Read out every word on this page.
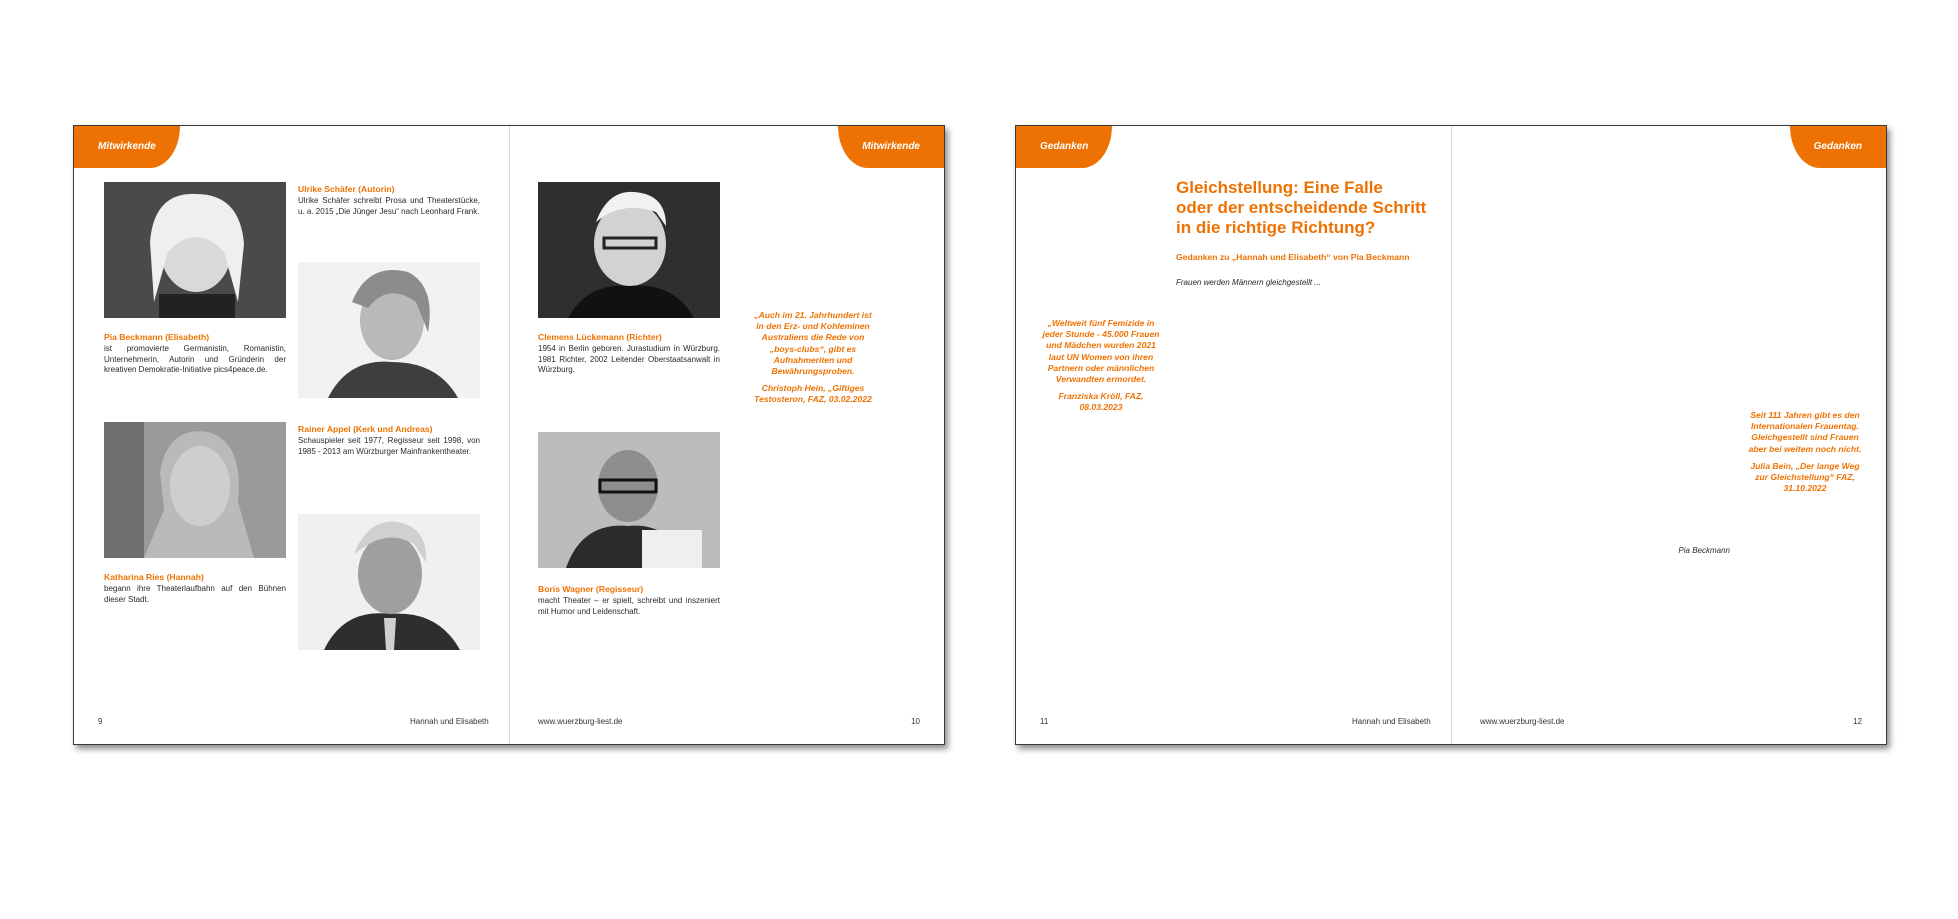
Mitwirkende	Mitwirkende
Pia Beckmann (Elisabeth)
ist promovierte Germanistin, Romanistin, Unternehmerin, Autorin und Gründerin der kreativen Demokratie-Initiative pics4peace.de.
Ulrike Schäfer (Autorin)
Ulrike Schäfer schreibt Prosa und Theaterstücke, u. a. 2015 „Die Jünger Jesu“ nach Leonhard Frank.
Katharina Ries (Hannah)
begann ihre Theaterlaufbahn auf den Bühnen dieser Stadt.
Rainer Appel (Kerk und Andreas)
Schauspieler seit 1977, Regisseur seit 1998, von 1985 - 2013 am Würzburger Mainfrankentheater.
Clemens Lückemann (Richter)
1954 in Berlin geboren. Jurastudium in Würzburg. 1981 Richter, 2002 Leitender Oberstaatsanwalt in Würzburg.
Boris Wagner (Regisseur)
macht Theater – er spielt, schreibt und inszeniert mit Humor und Leidenschaft.
„Auch im 21. Jahrhundert ist in den Erz- und Kohleminen Australiens die Rede von „boys-clubs“, gibt es Aufnahmeriten und Bewährungsproben.
Christoph Hein, „Giftiges Testosteron, FAZ, 03.02.2022
9	Hannah und Elisabeth	www.wuerzburg-liest.de	10
Gedanken	Gedanken
„Weltweit fünf Femizide in jeder Stunde - 45.000 Frauen und Mädchen wurden 2021 laut UN Women von ihren Partnern oder männlichen Verwandten ermordet.
Franziska Kröll, FAZ, 08.03.2023
Gleichstellung: Eine Falle
oder der entscheidende Schritt
in die richtige Richtung?
Gedanken zu „Hannah und Elisabeth“ von Pia Beckmann
Frauen werden Männern gleichgestellt ...
11	Hannah und Elisabeth
Pia Beckmann
Seit 111 Jahren gibt es den Internationalen Frauentag. Gleichgestellt sind Frauen aber bei weitem noch nicht.
Julia Bein, „Der lange Weg zur Gleichstellung“ FAZ, 31.10.2022
www.wuerzburg-liest.de	12
